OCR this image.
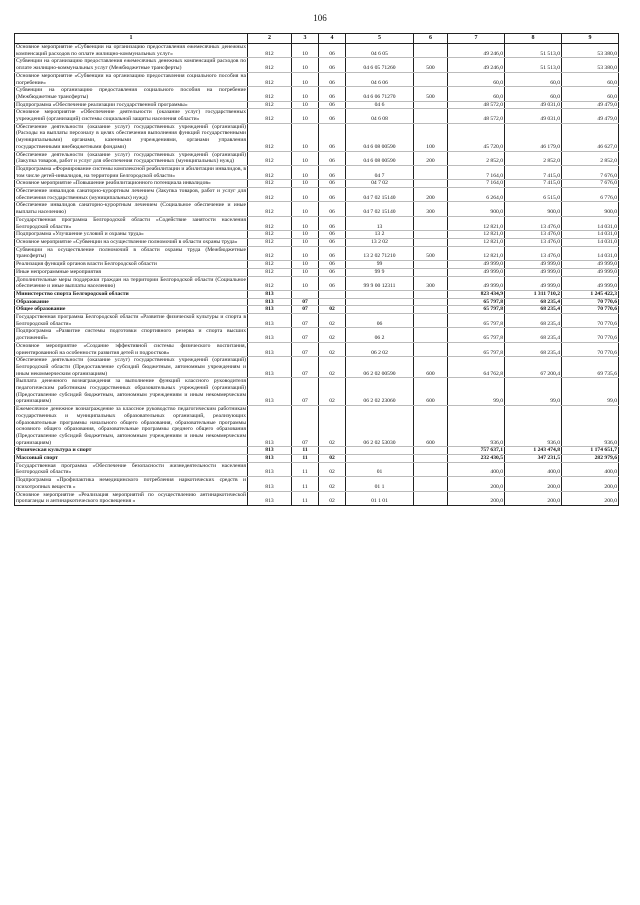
106
1	2	3	4	5	6	7	8	9
Основное мероприятие «Субвенции на организацию предоставления ежемесячных денежных компенсаций расходов по оплате жилищно-коммунальных услуг»	812	10	06	04 6 05		49 246,0	51 513,0	53 380,0
Субвенции на организацию предоставления ежемесячных денежных компенсаций расходов по оплате жилищно-коммунальных услуг (Межбюджетные трансферты)	812	10	06	04 6 05 71260	500	49 246,0	51 513,0	53 380,0
Основное мероприятие «Субвенции на организацию предоставления социального пособия на погребение»	812	10	06	04 6 06		60,0	60,0	60,0
Субвенции на организацию предоставления социального пособия на погребение (Межбюджетные трансферты)	812	10	06	04 6 06 71270	500	60,0	60,0	60,0
Подпрограмма «Обеспечение реализации государственной программы»	812	10	06	04 6		48 572,0	49 031,0	49 479,0
Основное мероприятие «Обеспечение деятельности (оказание услуг) государственных учреждений (организаций) системы социальной защиты населения области»	812	10	06	04 6 08		48 572,0	49 031,0	49 479,0
Обеспечение деятельности (оказание услуг) государственных учреждений (организаций) (Расходы на выплаты персоналу в целях обеспечения выполнения функций государственными (муниципальными) органами, казенными учреждениями, органами управления государственными внебюджетными фондами)	812	10	06	04 6 08 00590	100	45 720,0	46 179,0	46 627,0
Обеспечение деятельности (оказание услуг) государственных учреждений (организаций) (Закупка товаров, работ и услуг для обеспечения государственных (муниципальных) нужд)	812	10	06	04 6 08 00590	200	2 852,0	2 852,0	2 852,0
Подпрограмма «Формирование системы комплексной реабилитации и абилитации инвалидов, в том числе детей-инвалидов, на территории Белгородской области»	812	10	06	04 7		7 164,0	7 415,0	7 676,0
Основное мероприятие «Повышение реабилитационного потенциала инвалидов»	812	10	06	04 7 02		7 164,0	7 415,0	7 676,0
Обеспечение инвалидов санаторно-курортным лечением (Закупка товаров, работ и услуг для обеспечения государственных (муниципальных) нужд)	812	10	06	04 7 02 15140	200	6 264,0	6 515,0	6 776,0
Обеспечение инвалидов санаторно-курортным лечением (Социальное обеспечение и иные выплаты населению)	812	10	06	04 7 02 15140	300	900,0	900,0	900,0
Государственная программа Белгородской области «Содействие занятости населения Белгородской области»	812	10	06	13		12 821,0	13 476,0	14 031,0
Подпрограмма «Улучшение условий и охраны труда»	812	10	06	13 2		12 821,0	13 476,0	14 031,0
Основное мероприятие «Субвенции на осуществление полномочий в области охраны труда»	812	10	06	13 2 02		12 821,0	13 476,0	14 031,0
Субвенции на осуществление полномочий в области охраны труда (Межбюджетные трансферты)	812	10	06	13 2 02 71210	500	12 821,0	13 476,0	14 031,0
Реализация функций органов власти Белгородской области	812	10	06	99		49 999,0	49 999,0	49 999,0
Иные непрограммные мероприятия	812	10	06	99 9		49 999,0	49 999,0	49 999,0
Дополнительные меры поддержки граждан на территории Белгородской области (Социальное обеспечение и иные выплаты населению)	812	10	06	99 9 00 12311	300	49 999,0	49 999,0	49 999,0
Министерство спорта Белгородской области	813					823 434,9	1 311 710,2	1 245 422,3
Образование	813	07				65 797,8	68 235,4	70 770,6
Общее образование	813	07	02			65 797,8	68 235,4	70 770,6
Государственная программа Белгородской области «Развитие физической культуры и спорта в Белгородской области»	813	07	02	06		65 797,8	68 235,4	70 770,6
Подпрограмма «Развитие системы подготовки спортивного резерва и спорта высших достижений»	813	07	02	06 2		65 797,8	68 235,4	70 770,6
Основное мероприятие «Создание эффективной системы физического воспитания, ориентированной на особенности развития детей и подростков»	813	07	02	06 2 02		65 797,8	68 235,4	70 770,6
Обеспечение деятельности (оказание услуг) государственных учреждений (организаций) Белгородской области (Предоставление субсидий бюджетным, автономным учреждениям и иным некоммерческим организациям)	813	07	02	06 2 02 00590	600	64 762,8	67 200,4	69 735,6
Выплата денежного вознаграждения за выполнение функций классного руководителя педагогическим работникам государственных образовательных учреждений (организаций) (Предоставление субсидий бюджетным, автономным учреждениям и иным некоммерческим организациям)	813	07	02	06 2 02 23060	600	99,0	99,0	99,0
Ежемесячное денежное вознаграждение за классное руководство педагогическим работникам государственных и муниципальных образовательных организаций, реализующих образовательные программы начального общего образования, образовательные программы основного общего образования, образовательные программы среднего общего образования (Предоставление субсидий бюджетным, автономным учреждениям и иным некоммерческим организациям)	813	07	02	06 2 02 53030	600	936,0	936,0	936,0
Физическая культура и спорт	813	11				757 637,1	1 243 474,8	1 174 651,7
Массовый спорт	813	11	02			232 430,5	347 231,5	282 979,6
Государственная программа «Обеспечение безопасности жизнедеятельности населения Белгородской области»	813	11	02	01		400,0	400,0	400,0
Подпрограмма «Профилактика немедицинского потребления наркотических средств и психотропных веществ »	813	11	02	01 1		200,0	200,0	200,0
Основное мероприятие «Реализация мероприятий по осуществлению антинаркотической пропаганды и антинаркотического просвещения »	813	11	02	01 1 01		200,0	200,0	200,0
